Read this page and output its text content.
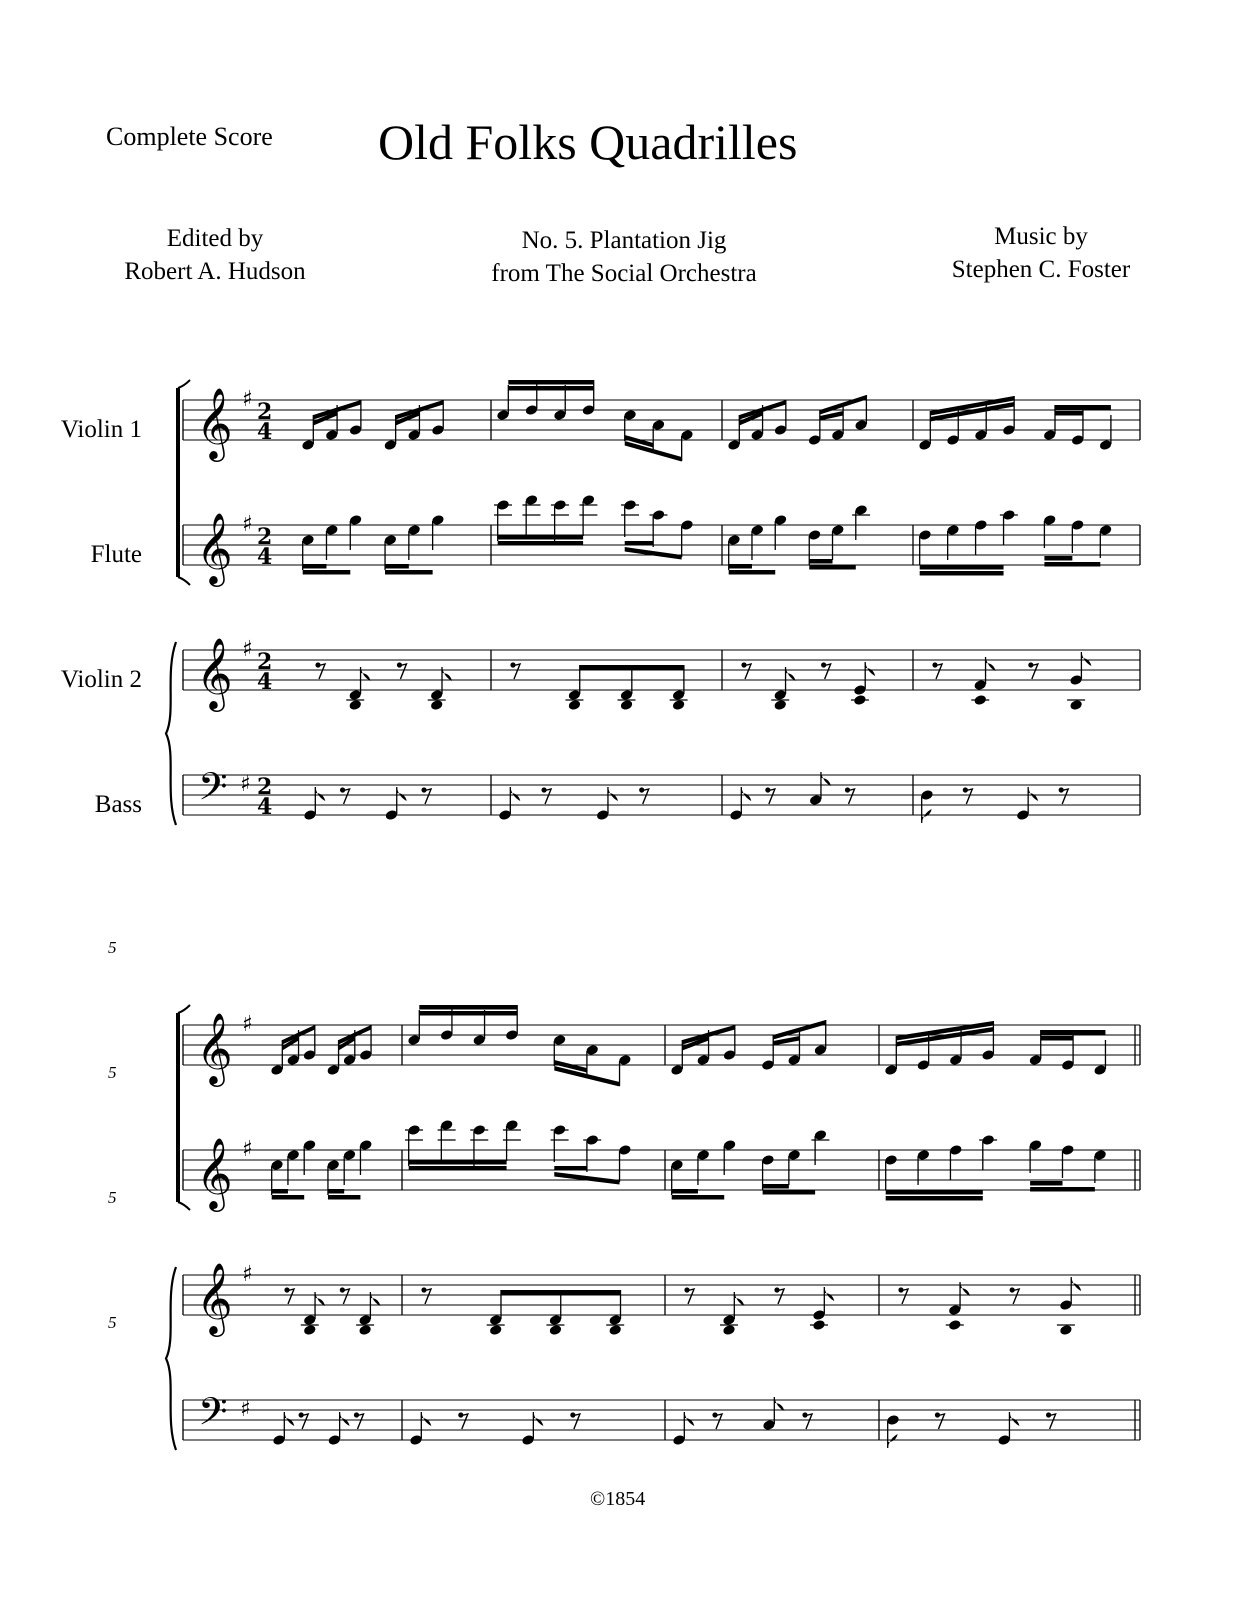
Complete Score Old Folks Quadrilles
Edited by
Robert A. Hudson
No. 5. Plantation Jig
from The Social Orchestra
Music by
Stephen C. Foster
Violin 1
Flute
Violin 2
Bass
5
5
5
5
𝄞 ♯ 2
4
𝄞 ♯ 2
4
𝄞 ♯ 2
4
𝄢 ♯ 2
4
𝄞 ♯
𝄞 ♯
𝄞 ♯
𝄢 ♯
©1854
